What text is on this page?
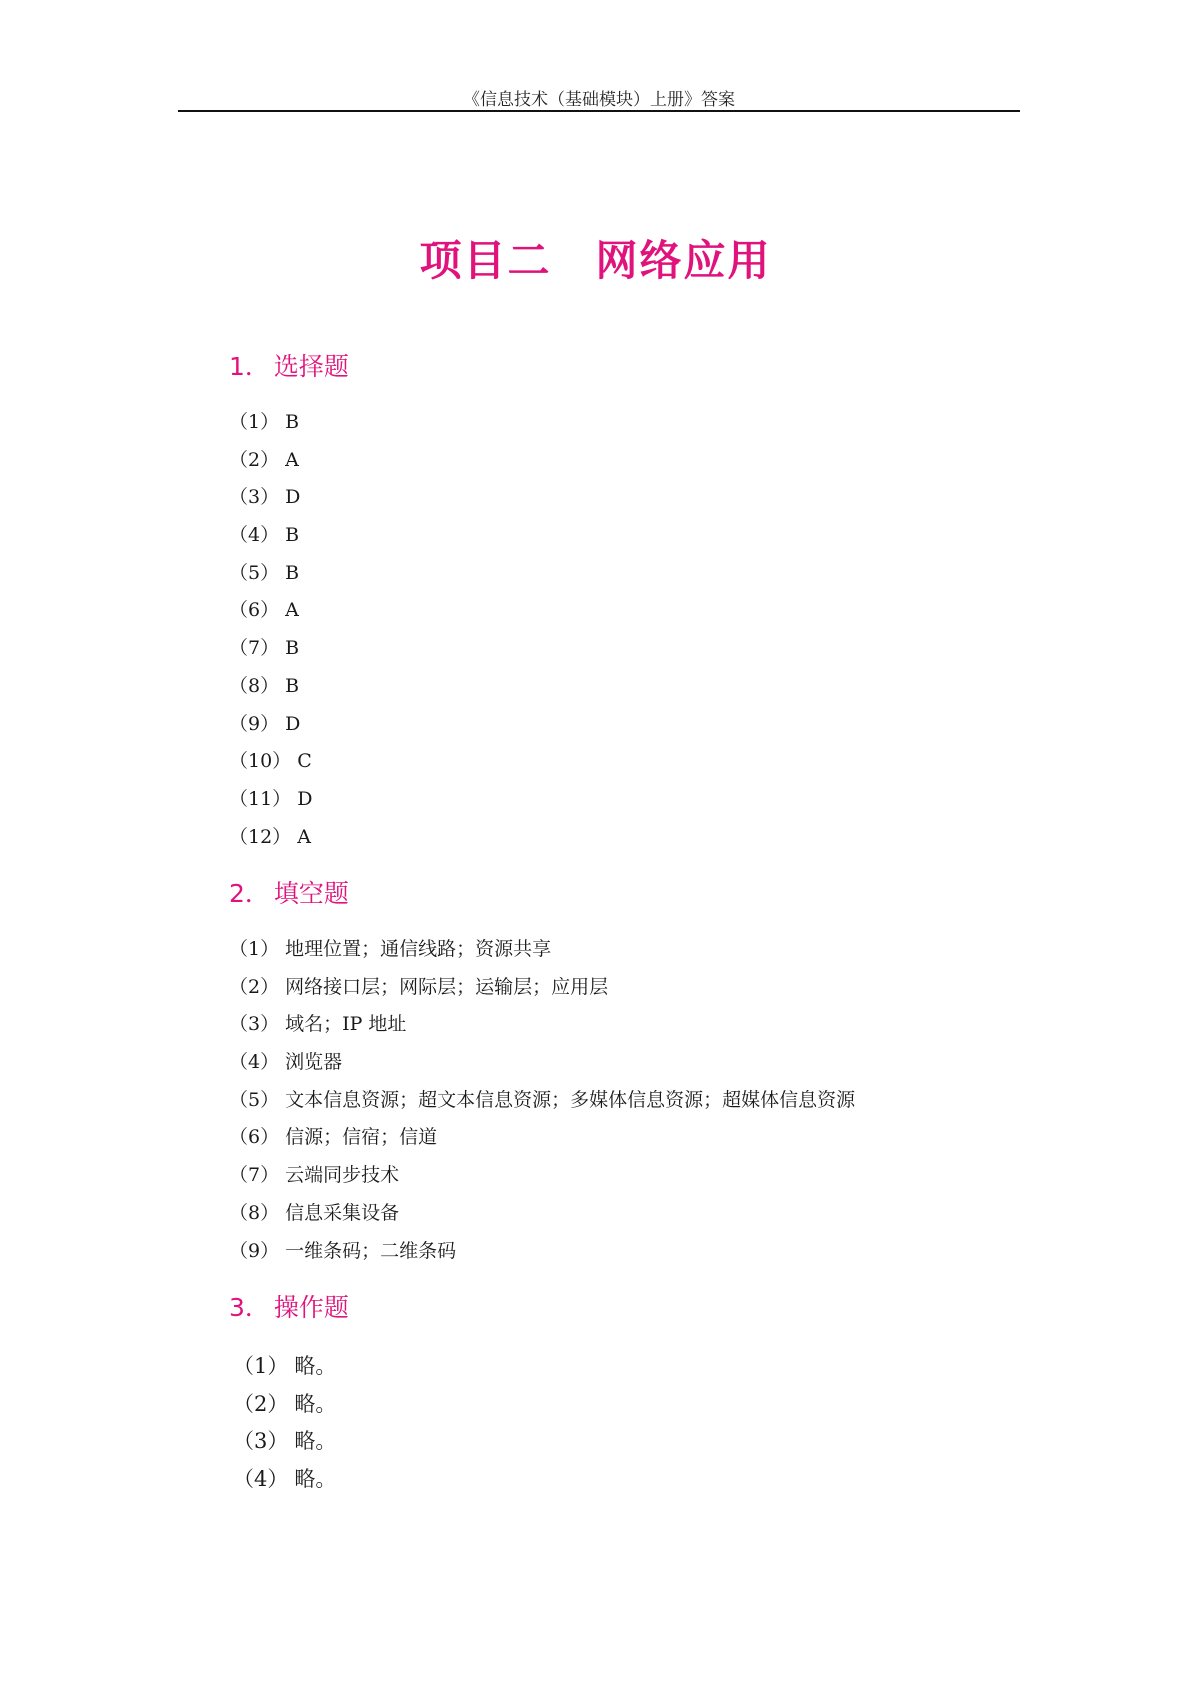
《信息技术（基础模块）上册》答案
项目二 网络应用
1． 选择题
（1） B
（2） A
（3） D
（4） B
（5） B
（6） A
（7） B
（8） B
（9） D
（10） C
（11） D
（12） A
2． 填空题
（1） 地理位置；通信线路；资源共享
（2） 网络接口层；网际层；运输层；应用层
（3） 域名；IP 地址
（4） 浏览器
（5） 文本信息资源；超文本信息资源；多媒体信息资源；超媒体信息资源
（6） 信源；信宿；信道
（7） 云端同步技术
（8） 信息采集设备
（9） 一维条码；二维条码
3． 操作题
（1） 略。
（2） 略。
（3） 略。
（4） 略。
